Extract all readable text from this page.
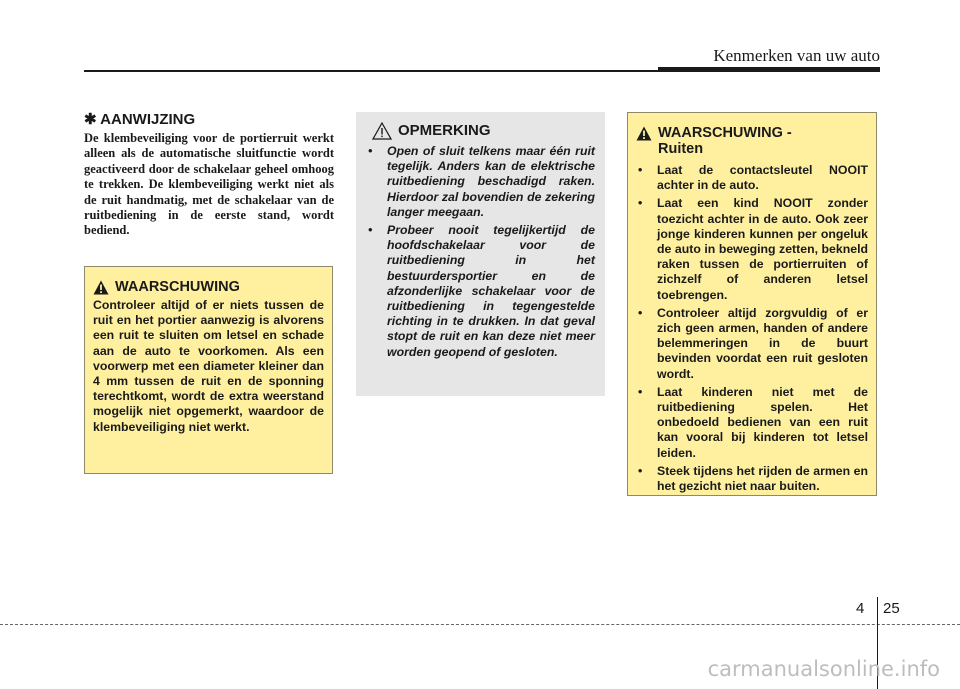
Kenmerken van uw auto
✱ AANWIJZING
De klembeveiliging voor de portierruit werkt alleen als de automatische sluitfunctie wordt geactiveerd door de schakelaar geheel omhoog te trekken. De klembeveiliging werkt niet als de ruit handmatig, met de schakelaar van de ruitbediening in de eerste stand, wordt bediend.
WAARSCHUWING
Controleer altijd of er niets tussen de ruit en het portier aanwezig is alvorens een ruit te sluiten om letsel en schade aan de auto te voorkomen. Als een voorwerp met een diameter kleiner dan 4 mm tussen de ruit en de sponning terechtkomt, wordt de extra weerstand mogelijk niet opgemerkt, waardoor de klembeveiliging niet werkt.
OPMERKING
• Open of sluit telkens maar één ruit tegelijk. Anders kan de elektrische ruitbediening beschadigd raken. Hierdoor zal bovendien de zekering langer meegaan.
• Probeer nooit tegelijkertijd de hoofdschakelaar voor de ruitbediening in het bestuurdersportier en de afzonderlijke schakelaar voor de ruitbediening in tegengestelde richting in te drukken. In dat geval stopt de ruit en kan deze niet meer worden geopend of gesloten.
WAARSCHUWING -
Ruiten
• Laat de contactsleutel NOOIT achter in de auto.
• Laat een kind NOOIT zonder toezicht achter in de auto. Ook zeer jonge kinderen kunnen per ongeluk de auto in beweging zetten, bekneld raken tussen de portierruiten of zichzelf of anderen letsel toebrengen.
• Controleer altijd zorgvuldig of er zich geen armen, handen of andere belemmeringen in de buurt bevinden voordat een ruit gesloten wordt.
• Laat kinderen niet met de ruitbediening spelen. Het onbedoeld bedienen van een ruit kan vooral bij kinderen tot letsel leiden.
• Steek tijdens het rijden de armen en het gezicht niet naar buiten.
4 25
carmanualsonline.info
